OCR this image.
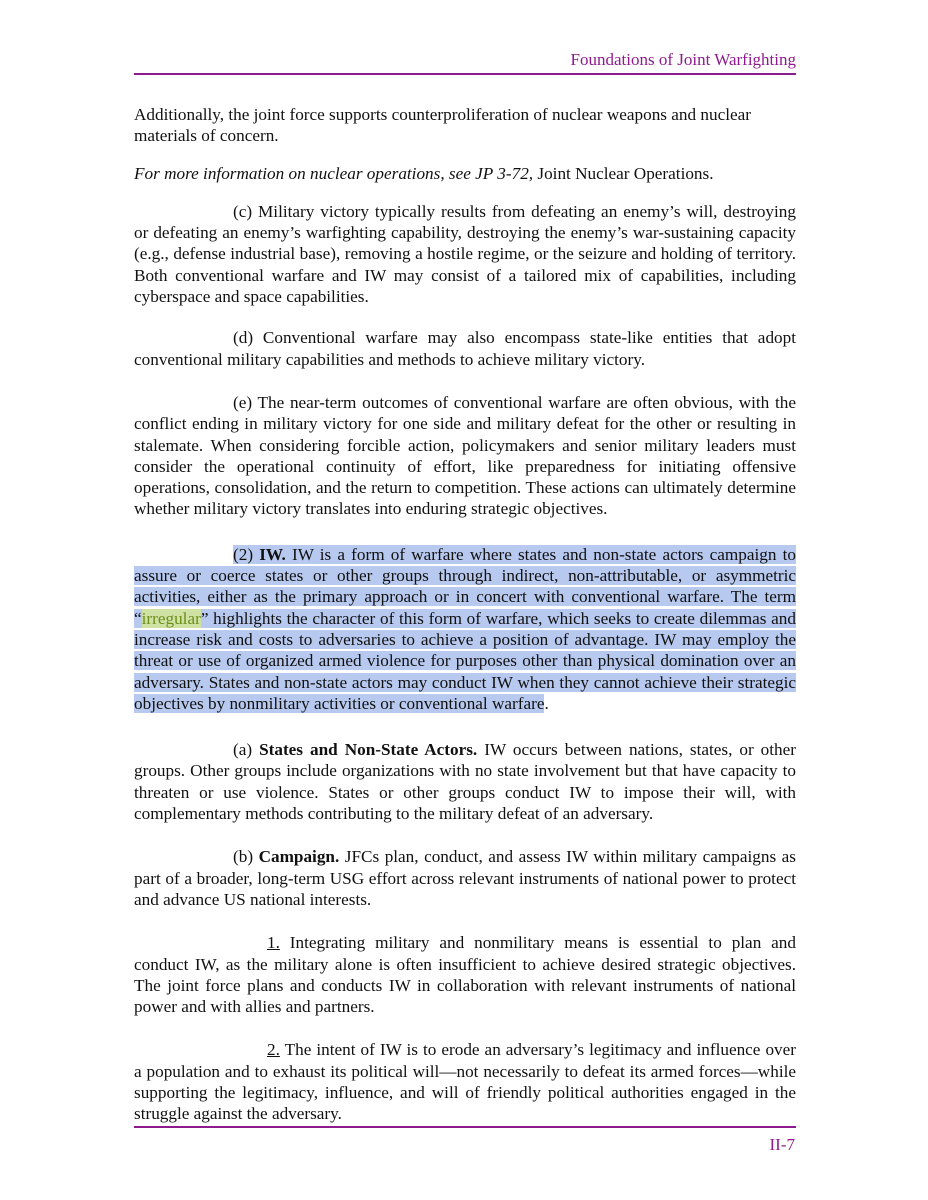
Foundations of Joint Warfighting

Additionally, the joint force supports counterproliferation of nuclear weapons and nuclear materials of concern.

For more information on nuclear operations, see JP 3-72, Joint Nuclear Operations.

(c) Military victory typically results from defeating an enemy’s will, destroying or defeating an enemy’s warfighting capability, destroying the enemy’s war-sustaining capacity (e.g., defense industrial base), removing a hostile regime, or the seizure and holding of territory. Both conventional warfare and IW may consist of a tailored mix of capabilities, including cyberspace and space capabilities.

(d) Conventional warfare may also encompass state-like entities that adopt conventional military capabilities and methods to achieve military victory.

(e) The near-term outcomes of conventional warfare are often obvious, with the conflict ending in military victory for one side and military defeat for the other or resulting in stalemate. When considering forcible action, policymakers and senior military leaders must consider the operational continuity of effort, like preparedness for initiating offensive operations, consolidation, and the return to competition. These actions can ultimately determine whether military victory translates into enduring strategic objectives.

(2) IW. IW is a form of warfare where states and non-state actors campaign to assure or coerce states or other groups through indirect, non-attributable, or asymmetric activities, either as the primary approach or in concert with conventional warfare. The term “irregular” highlights the character of this form of warfare, which seeks to create dilemmas and increase risk and costs to adversaries to achieve a position of advantage. IW may employ the threat or use of organized armed violence for purposes other than physical domination over an adversary. States and non-state actors may conduct IW when they cannot achieve their strategic objectives by nonmilitary activities or conventional warfare.

(a) States and Non-State Actors. IW occurs between nations, states, or other groups. Other groups include organizations with no state involvement but that have capacity to threaten or use violence. States or other groups conduct IW to impose their will, with complementary methods contributing to the military defeat of an adversary.

(b) Campaign. JFCs plan, conduct, and assess IW within military campaigns as part of a broader, long-term USG effort across relevant instruments of national power to protect and advance US national interests.

1. Integrating military and nonmilitary means is essential to plan and conduct IW, as the military alone is often insufficient to achieve desired strategic objectives. The joint force plans and conducts IW in collaboration with relevant instruments of national power and with allies and partners.

2. The intent of IW is to erode an adversary’s legitimacy and influence over a population and to exhaust its political will—not necessarily to defeat its armed forces—while supporting the legitimacy, influence, and will of friendly political authorities engaged in the struggle against the adversary.

II-7
